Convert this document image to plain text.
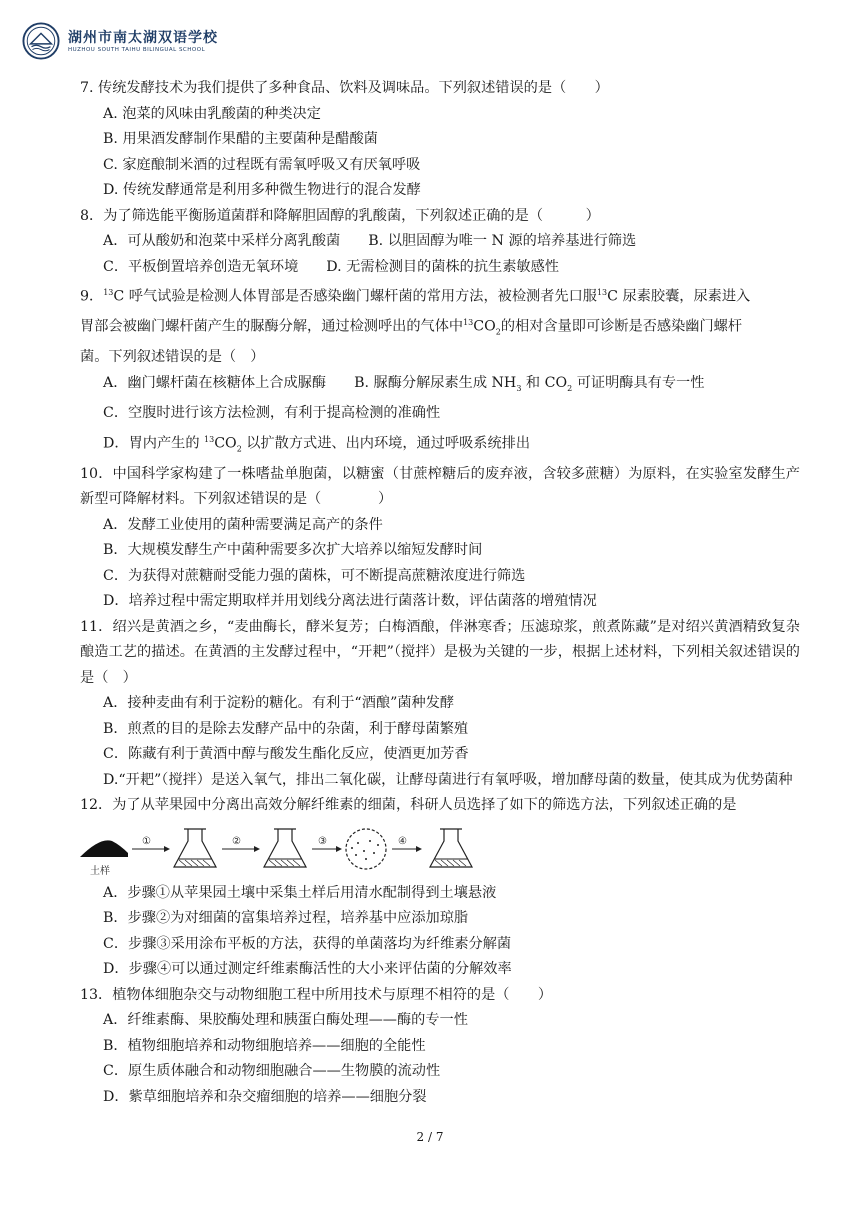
湖州市南太湖双语学校
HUZHOU SOUTH TAIHU BILINGUAL SCHOOL
7. 传统发酵技术为我们提供了多种食品、饮料及调味品。下列叙述错误的是（　　）
A. 泡菜的风味由乳酸菌的种类决定
B. 用果酒发酵制作果醋的主要菌种是醋酸菌
C. 家庭酿制米酒的过程既有需氧呼吸又有厌氧呼吸
D. 传统发酵通常是利用多种微生物进行的混合发酵
8．为了筛选能平衡肠道菌群和降解胆固醇的乳酸菌，下列叙述正确的是（　　　）
A．可从酸奶和泡菜中采样分离乳酸菌 B. 以胆固醇为唯一 N 源的培养基进行筛选
C．平板倒置培养创造无氧环境 D. 无需检测目的菌株的抗生素敏感性
9．$^{13}$C 呼气试验是检测人体胃部是否感染幽门螺杆菌的常用方法，被检测者先口服$^{13}$C 尿素胶囊，尿素进入
胃部会被幽门螺杆菌产生的脲酶分解，通过检测呼出的气体中$^{13}CO_2$的相对含量即可诊断是否感染幽门螺杆
菌。下列叙述错误的是（　）
A．幽门螺杆菌在核糖体上合成脲酶 B. 脲酶分解尿素生成 $NH_3$ 和 $CO_2$ 可证明酶具有专一性
C．空腹时进行该方法检测，有利于提高检测的准确性
D．胃内产生的 $^{13}CO_2$ 以扩散方式进、出内环境，通过呼吸系统排出
10．中国科学家构建了一株嗜盐单胞菌，以糖蜜（甘蔗榨糖后的废弃液，含较多蔗糖）为原料，在实验室发酵生产新型可降解材料。下列叙述错误的是（　　　　）
A．发酵工业使用的菌种需要满足高产的条件
B．大规模发酵生产中菌种需要多次扩大培养以缩短发酵时间
C．为获得对蔗糖耐受能力强的菌株，可不断提高蔗糖浓度进行筛选
D．培养过程中需定期取样并用划线分离法进行菌落计数，评估菌落的增殖情况
11．绍兴是黄酒之乡，“麦曲酶长，酵米复芳；白梅酒酿，伴淋寒香；压滤琼浆，煎煮陈藏”是对绍兴黄酒精致复杂酿造工艺的描述。在黄酒的主发酵过程中，“开耙”（搅拌）是极为关键的一步，根据上述材料，下列相关叙述错误的是（　）
A．接种麦曲有利于淀粉的糖化。有利于“酒酿”菌种发酵
B．煎煮的目的是除去发酵产品中的杂菌，利于酵母菌繁殖
C．陈藏有利于黄酒中醇与酸发生酯化反应，使酒更加芳香
D.“开耙”（搅拌）是送入氧气，排出二氧化碳，让酵母菌进行有氧呼吸，增加酵母菌的数量，使其成为优势菌种
12．为了从苹果园中分离出高效分解纤维素的细菌，科研人员选择了如下的筛选方法，下列叙述正确的是
土样
①	②	③	④
A．步骤①从苹果园土壤中采集土样后用清水配制得到土壤悬液
B．步骤②为对细菌的富集培养过程，培养基中应添加琼脂
C．步骤③采用涂布平板的方法，获得的单菌落均为纤维素分解菌
D．步骤④可以通过测定纤维素酶活性的大小来评估菌的分解效率
13．植物体细胞杂交与动物细胞工程中所用技术与原理不相符的是（　　）
A．纤维素酶、果胶酶处理和胰蛋白酶处理——酶的专一性
B．植物细胞培养和动物细胞培养——细胞的全能性
C．原生质体融合和动物细胞融合——生物膜的流动性
D．紫草细胞培养和杂交瘤细胞的培养——细胞分裂
2 / 7
